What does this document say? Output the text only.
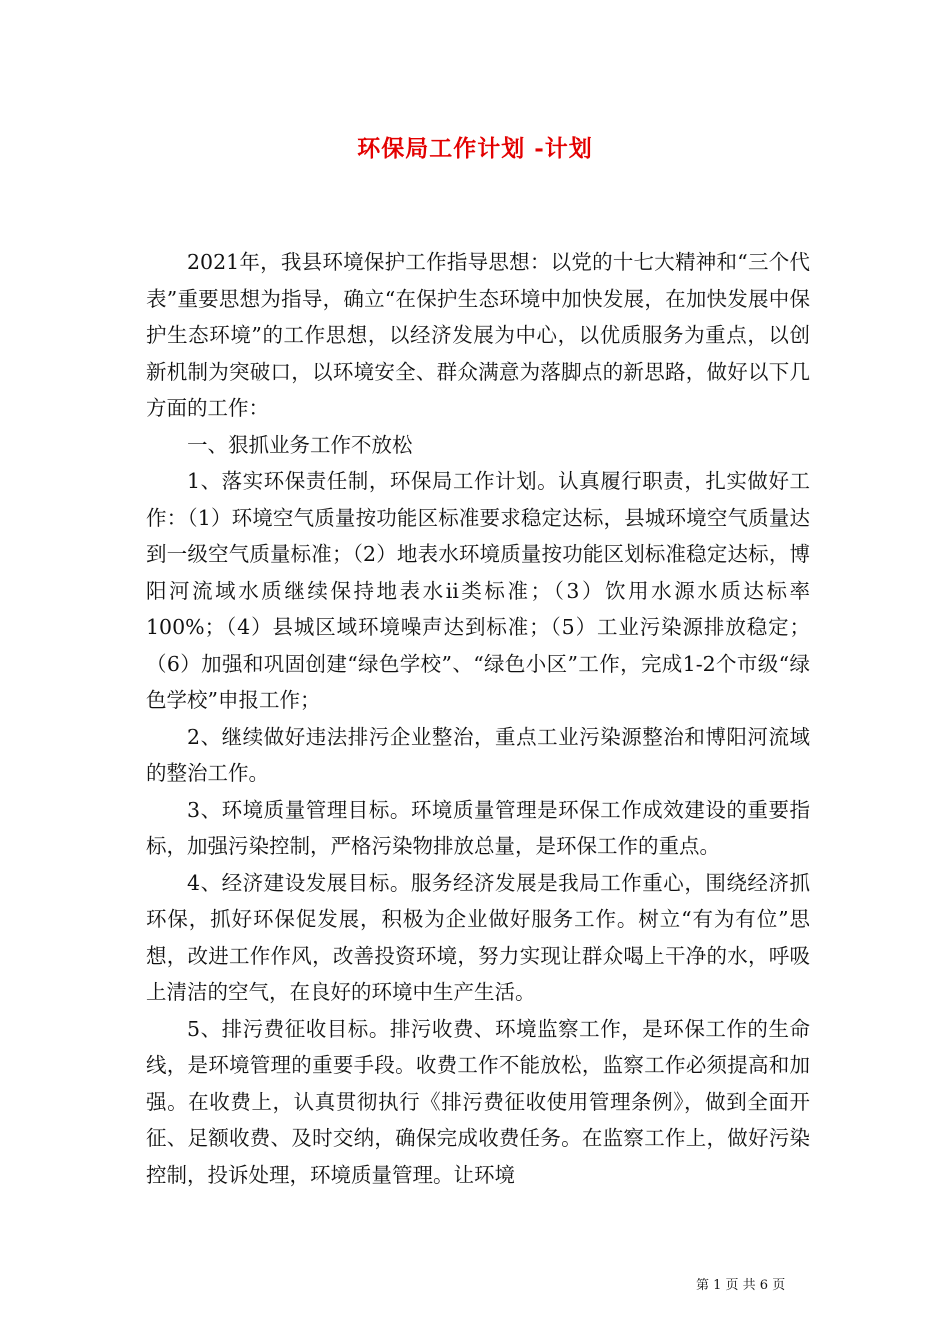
环保局工作计划 -计划

2021年，我县环境保护工作指导思想：以党的十七大精神和“三个代表”重要思想为指导，确立“在保护生态环境中加快发展，在加快发展中保护生态环境”的工作思想，以经济发展为中心，以优质服务为重点，以创新机制为突破口，以环境安全、群众满意为落脚点的新思路，做好以下几方面的工作：

一、狠抓业务工作不放松

1、落实环保责任制，环保局工作计划。认真履行职责，扎实做好工作：（1）环境空气质量按功能区标准要求稳定达标，县城环境空气质量达到一级空气质量标准；（2）地表水环境质量按功能区划标准稳定达标，博阳河流域水质继续保持地表水ⅱ类标准；（3）饮用水源水质达标率100%；（4）县城区域环境噪声达到标准；（5）工业污染源排放稳定；（6）加强和巩固创建“绿色学校”、“绿色小区”工作，完成1-2个市级“绿色学校”申报工作；

2、继续做好违法排污企业整治，重点工业污染源整治和博阳河流域的整治工作。

3、环境质量管理目标。环境质量管理是环保工作成效建设的重要指标，加强污染控制，严格污染物排放总量，是环保工作的重点。

4、经济建设发展目标。服务经济发展是我局工作重心，围绕经济抓环保，抓好环保促发展，积极为企业做好服务工作。树立“有为有位”思想，改进工作作风，改善投资环境，努力实现让群众喝上干净的水，呼吸上清洁的空气，在良好的环境中生产生活。

5、排污费征收目标。排污收费、环境监察工作，是环保工作的生命线，是环境管理的重要手段。收费工作不能放松，监察工作必须提高和加强。在收费上，认真贯彻执行《排污费征收使用管理条例》，做到全面开征、足额收费、及时交纳，确保完成收费任务。在监察工作上，做好污染控制，投诉处理，环境质量管理。让环境

第 1 页 共 6 页
